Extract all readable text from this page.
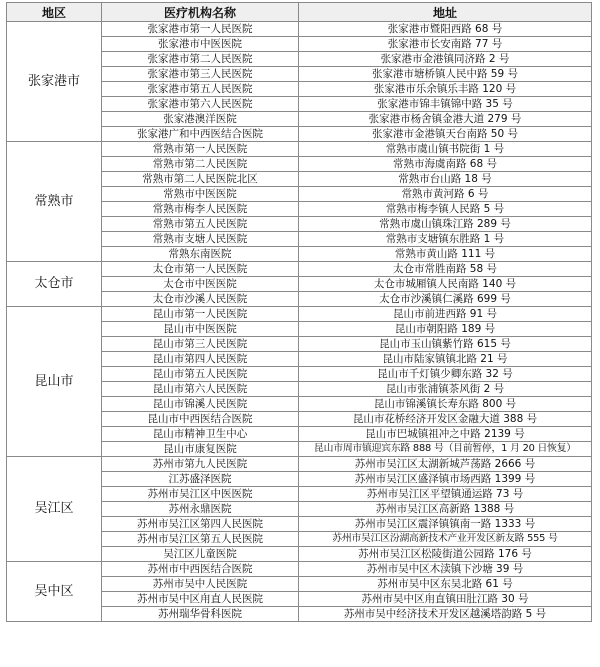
地区	医疗机构名称	地址
张家港市	张家港市第一人民医院	张家港市暨阳西路 68 号
	张家港市中医医院	张家港市长安南路 77 号
	张家港市第二人民医院	张家港市金港镇同济路 2 号
	张家港市第三人民医院	张家港市塘桥镇人民中路 59 号
	张家港市第五人民医院	张家港市乐余镇乐丰路 120 号
	张家港市第六人民医院	张家港市锦丰镇锦中路 35 号
	张家港澳洋医院	张家港市杨舍镇金港大道 279 号
	张家港广和中西医结合医院	张家港市金港镇天台南路 50 号
常熟市	常熟市第一人民医院	常熟市虞山镇书院街 1 号
	常熟市第二人民医院	常熟市海虞南路 68 号
	常熟市第二人民医院北区	常熟市台山路 18 号
	常熟市中医医院	常熟市黄河路 6 号
	常熟市梅李人民医院	常熟市梅李镇人民路 5 号
	常熟市第五人民医院	常熟市虞山镇珠江路 289 号
	常熟市支塘人民医院	常熟市支塘镇东胜路 1 号
	常熟东南医院	常熟市黄山路 111 号
太仓市	太仓市第一人民医院	太仓市常胜南路 58 号
	太仓市中医医院	太仓市城厢镇人民南路 140 号
	太仓市沙溪人民医院	太仓市沙溪镇仁溪路 699 号
昆山市	昆山市第一人民医院	昆山市前进西路 91 号
	昆山市中医医院	昆山市朝阳路 189 号
	昆山市第三人民医院	昆山市玉山镇紫竹路 615 号
	昆山市第四人民医院	昆山市陆家镇镇北路 21 号
	昆山市第五人民医院	昆山市千灯镇少卿东路 32 号
	昆山市第六人民医院	昆山市张浦镇茶风街 2 号
	昆山市锦溪人民医院	昆山市锦溪镇长寿东路 800 号
	昆山市中西医结合医院	昆山市花桥经济开发区金融大道 388 号
	昆山市精神卫生中心	昆山市巴城镇祖冲之中路 2139 号
	昆山市康复医院	昆山市周市镇迎宾东路 888 号（目前暂停，1 月 20 日恢复）
吴江区	苏州市第九人民医院	苏州市吴江区太湖新城芦荡路 2666 号
	江苏盛泽医院	苏州市吴江区盛泽镇市场西路 1399 号
	苏州市吴江区中医医院	苏州市吴江区平望镇通运路 73 号
	苏州永鼎医院	苏州市吴江区高新路 1388 号
	苏州市吴江区第四人民医院	苏州市吴江区震泽镇镇南一路 1333 号
	苏州市吴江区第五人民医院	苏州市吴江区汾湖高新技术产业开发区新友路 555 号
	吴江区儿童医院	苏州市吴江区松陵街道公园路 176 号
吴中区	苏州市中西医结合医院	苏州市吴中区木渎镇下沙塘 39 号
	苏州市吴中人民医院	苏州市吴中区东吴北路 61 号
	苏州市吴中区甪直人民医院	苏州市吴中区甪直镇田肚江路 30 号
	苏州瑞华骨科医院	苏州市吴中经济技术开发区越溪塔韵路 5 号
